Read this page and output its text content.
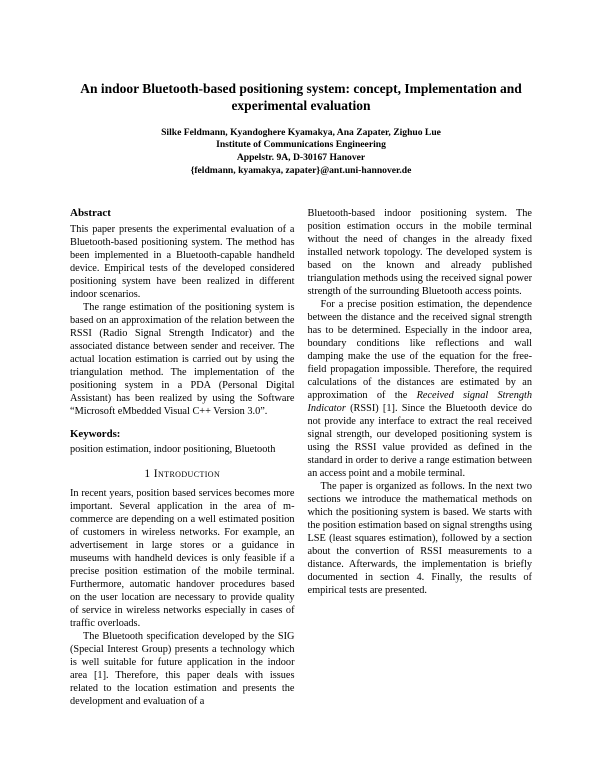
An indoor Bluetooth-based positioning system: concept, Implementation and experimental evaluation
Silke Feldmann, Kyandoghere Kyamakya, Ana Zapater, Zighuo Lue
Institute of Communications Engineering
Appelstr. 9A, D-30167 Hanover
{feldmann, kyamakya, zapater}@ant.uni-hannover.de
Abstract

This paper presents the experimental evaluation of a Bluetooth-based positioning system. The method has been implemented in a Bluetooth-capable handheld device. Empirical tests of the developed considered positioning system have been realized in different indoor scenarios.

The range estimation of the positioning system is based on an approximation of the relation between the RSSI (Radio Signal Strength Indicator) and the associated distance between sender and receiver. The actual location estimation is carried out by using the triangulation method. The implementation of the positioning system in a PDA (Personal Digital Assistant) has been realized by using the Software “Microsoft eMbedded Visual C++ Version 3.0”.

Keywords:

position estimation, indoor positioning, Bluetooth

1 Introduction

In recent years, position based services becomes more important. Several application in the area of m-commerce are depending on a well estimated position of customers in wireless networks. For example, an advertisement in large stores or a guidance in museums with handheld devices is only feasible if a precise position estimation of the mobile terminal. Furthermore, automatic handover procedures based on the user location are necessary to provide quality of service in wireless networks especially in cases of traffic overloads.

The Bluetooth specification developed by the SIG (Special Interest Group) presents a technology which is well suitable for future application in the indoor area [1]. Therefore, this paper deals with issues related to the location estimation and presents the development and evaluation of a

Bluetooth-based indoor positioning system. The position estimation occurs in the mobile terminal without the need of changes in the already fixed installed network topology. The developed system is based on the known and already published triangulation methods using the received signal power strength of the surrounding Bluetooth access points.

For a precise position estimation, the dependence between the distance and the received signal strength has to be determined. Especially in the indoor area, boundary conditions like reflections and wall damping make the use of the equation for the free-field propagation impossible. Therefore, the required calculations of the distances are estimated by an approximation of the Received signal Strength Indicator (RSSI) [1]. Since the Bluetooth device do not provide any interface to extract the real received signal strength, our developed positioning system is using the RSSI value provided as defined in the standard in order to derive a range estimation between an access point and a mobile terminal.

The paper is organized as follows. In the next two sections we introduce the mathematical methods on which the positioning system is based. We starts with the position estimation based on signal strengths using LSE (least squares estimation), followed by a section about the convertion of RSSI measurements to a distance. Afterwards, the implementation is briefly documented in section 4. Finally, the results of empirical tests are presented.
